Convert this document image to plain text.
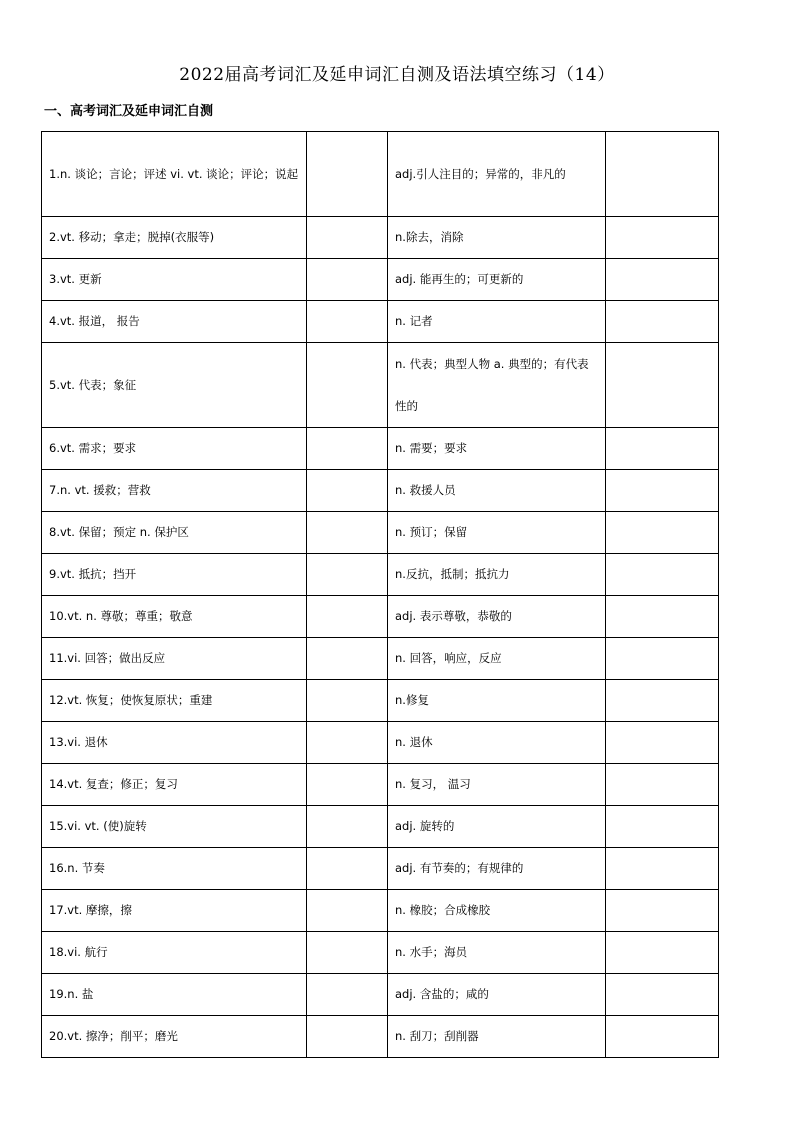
2022届高考词汇及延申词汇自测及语法填空练习（14）
一、高考词汇及延申词汇自测
1.n. 谈论；言论；评述 vi. vt. 谈论；评论；说起		adj.引人注目的；异常的，非凡的	
2.vt. 移动；拿走；脱掉(衣服等)		n.除去，消除	
3.vt. 更新		adj. 能再生的；可更新的	
4.vt. 报道， 报告		n. 记者	
5.vt. 代表；象征		n. 代表；典型人物 a. 典型的；有代表性的	
6.vt. 需求；要求		n. 需要；要求	
7.n. vt. 援救；营救		n. 救援人员	
8.vt. 保留；预定 n. 保护区		n. 预订；保留	
9.vt. 抵抗；挡开		n.反抗，抵制；抵抗力	
10.vt. n. 尊敬；尊重；敬意		adj. 表示尊敬，恭敬的	
11.vi. 回答；做出反应		n. 回答，响应，反应	
12.vt. 恢复；使恢复原状；重建		n.修复	
13.vi. 退休		n. 退休	
14.vt. 复查；修正；复习		n. 复习， 温习	
15.vi. vt. (使)旋转		adj. 旋转的	
16.n. 节奏		adj. 有节奏的；有规律的	
17.vt. 摩擦，擦		n. 橡胶；合成橡胶	
18.vi. 航行		n. 水手；海员	
19.n. 盐		adj. 含盐的；咸的	
20.vt. 擦净；削平；磨光		n. 刮刀；刮削器	
